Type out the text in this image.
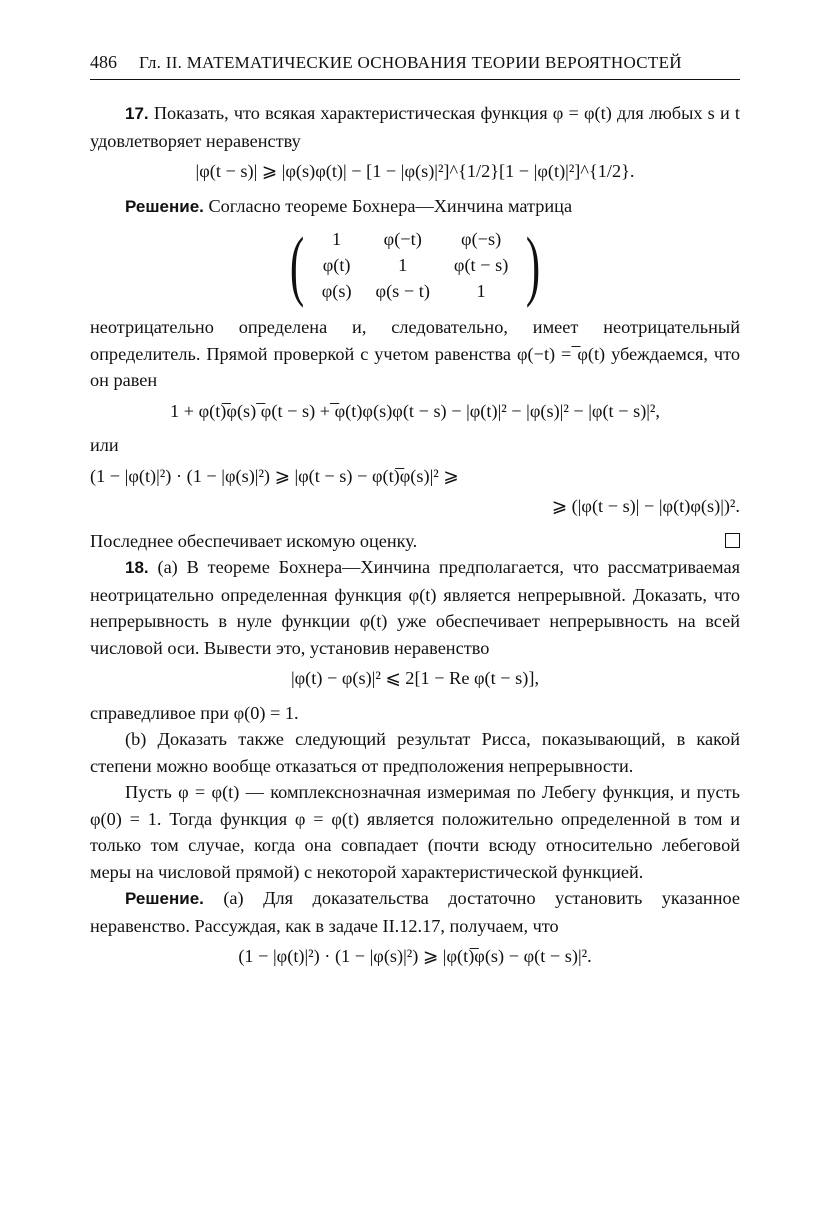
486 Гл. II. МАТЕМАТИЧЕСКИЕ ОСНОВАНИЯ ТЕОРИИ ВЕРОЯТНОСТЕЙ

17. Показать, что всякая характеристическая функция φ = φ(t) для любых s и t удовлетворяет неравенству

|φ(t − s)| ⩾ |φ(s)φ(t)| − [1 − |φ(s)|²]^{1/2}[1 − |φ(t)|²]^{1/2}.

Решение. Согласно теореме Бохнера—Хинчина матрица

( 1	φ(−t)	φ(−s)
φ(t)	1	φ(t − s)
φ(s)	φ(s − t)	1 )

неотрицательно определена и, следовательно, имеет неотрицательный определитель. Прямой проверкой с учетом равенства φ(−t) = ̅φ(t) убеждаемся, что он равен

1 + φ(t)̅φ(s) ̅φ(t − s) + ̅φ(t)φ(s)φ(t − s) − |φ(t)|² − |φ(s)|² − |φ(t − s)|²,

или

(1 − |φ(t)|²) · (1 − |φ(s)|²) ⩾ |φ(t − s) − φ(t)̅φ(s)|² ⩾
⩾ (|φ(t − s)| − |φ(t)φ(s)|)².
Последнее обеспечивает искомую оценку.

18. (а) В теореме Бохнера—Хинчина предполагается, что рассматриваемая неотрицательно определенная функция φ(t) является непрерывной. Доказать, что непрерывность в нуле функции φ(t) уже обеспечивает непрерывность на всей числовой оси. Вывести это, установив неравенство

|φ(t) − φ(s)|² ⩽ 2[1 − Re φ(t − s)],

справедливое при φ(0) = 1.

(b) Доказать также следующий результат Рисса, показывающий, в какой степени можно вообще отказаться от предположения непрерывности.

Пусть φ = φ(t) — комплекснозначная измеримая по Лебегу функция, и пусть φ(0) = 1. Тогда функция φ = φ(t) является положительно определенной в том и только том случае, когда она совпадает (почти всюду относительно лебеговой меры на числовой прямой) с некоторой характеристической функцией.

Решение. (а) Для доказательства достаточно установить указанное неравенство. Рассуждая, как в задаче II.12.17, получаем, что

(1 − |φ(t)|²) · (1 − |φ(s)|²) ⩾ |φ(t)̅φ(s) − φ(t − s)|².
